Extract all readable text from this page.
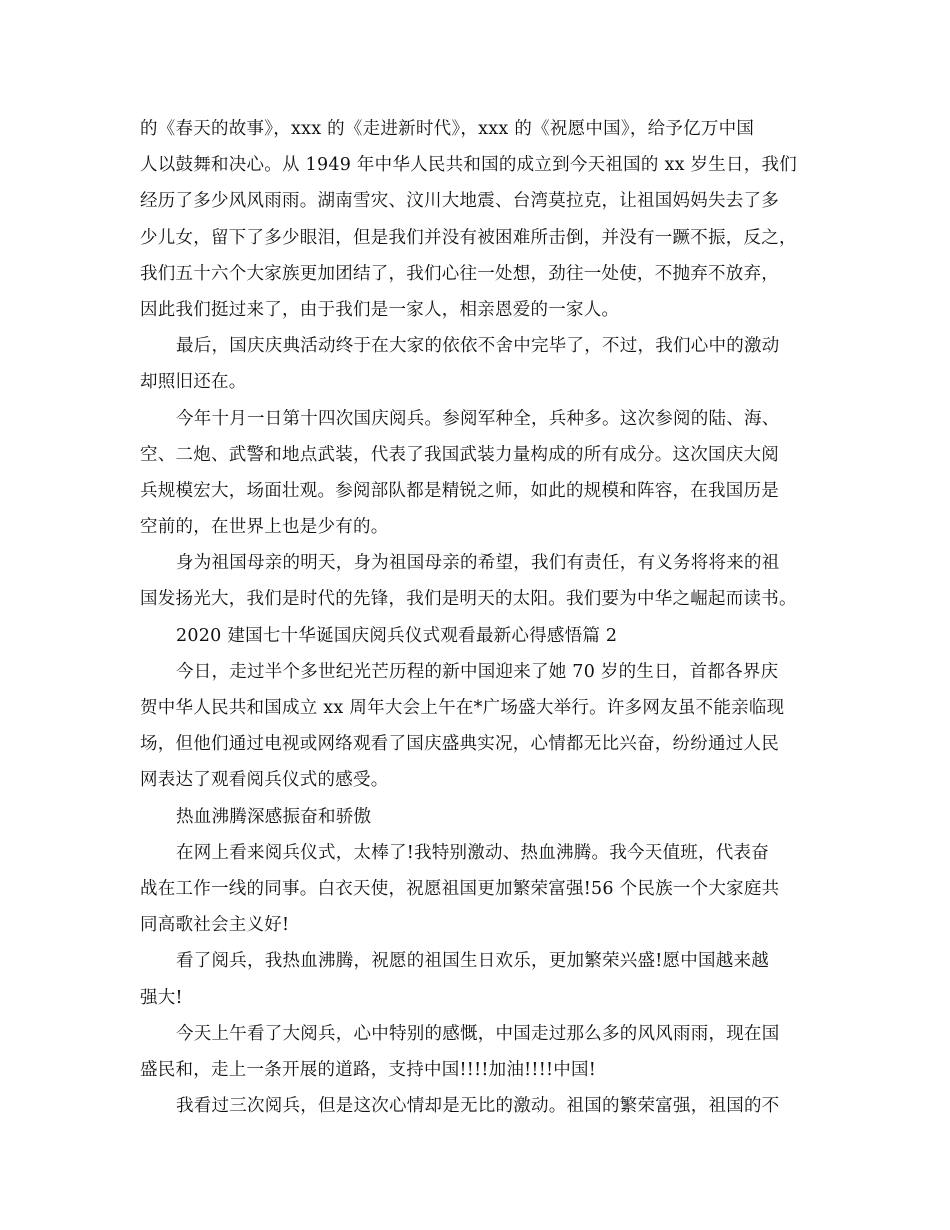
的《春天的故事》，xxx 的《走进新时代》，xxx 的《祝愿中国》，给予亿万中国
人以鼓舞和决心。从 1949 年中华人民共和国的成立到今天祖国的 xx 岁生日，我们
经历了多少风风雨雨。湖南雪灾、汶川大地震、台湾莫拉克，让祖国妈妈失去了多
少儿女，留下了多少眼泪，但是我们并没有被困难所击倒，并没有一蹶不振，反之，
我们五十六个大家族更加团结了，我们心往一处想，劲往一处使，不抛弃不放弃，
因此我们挺过来了，由于我们是一家人，相亲恩爱的一家人。
最后，国庆庆典活动终于在大家的依依不舍中完毕了，不过，我们心中的激动
却照旧还在。
今年十月一日第十四次国庆阅兵。参阅军种全，兵种多。这次参阅的陆、海、
空、二炮、武警和地点武装，代表了我国武装力量构成的所有成分。这次国庆大阅
兵规模宏大，场面壮观。参阅部队都是精锐之师，如此的规模和阵容，在我国历是
空前的，在世界上也是少有的。
身为祖国母亲的明天，身为祖国母亲的希望，我们有责任，有义务将将来的祖
国发扬光大，我们是时代的先锋，我们是明天的太阳。我们要为中华之崛起而读书。
2020 建国七十华诞国庆阅兵仪式观看最新心得感悟篇 2
今日，走过半个多世纪光芒历程的新中国迎来了她 70 岁的生日，首都各界庆
贺中华人民共和国成立 xx 周年大会上午在*广场盛大举行。许多网友虽不能亲临现
场，但他们通过电视或网络观看了国庆盛典实况，心情都无比兴奋，纷纷通过人民
网表达了观看阅兵仪式的感受。
热血沸腾深感振奋和骄傲
在网上看来阅兵仪式，太棒了!我特别激动、热血沸腾。我今天值班，代表奋
战在工作一线的同事。白衣天使，祝愿祖国更加繁荣富强!56 个民族一个大家庭共
同高歌社会主义好!
看了阅兵，我热血沸腾，祝愿的祖国生日欢乐，更加繁荣兴盛!愿中国越来越
强大!
今天上午看了大阅兵，心中特别的感慨，中国走过那么多的风风雨雨，现在国
盛民和，走上一条开展的道路，支持中国!!!!加油!!!!中国!
我看过三次阅兵，但是这次心情却是无比的激动。祖国的繁荣富强，祖国的不
